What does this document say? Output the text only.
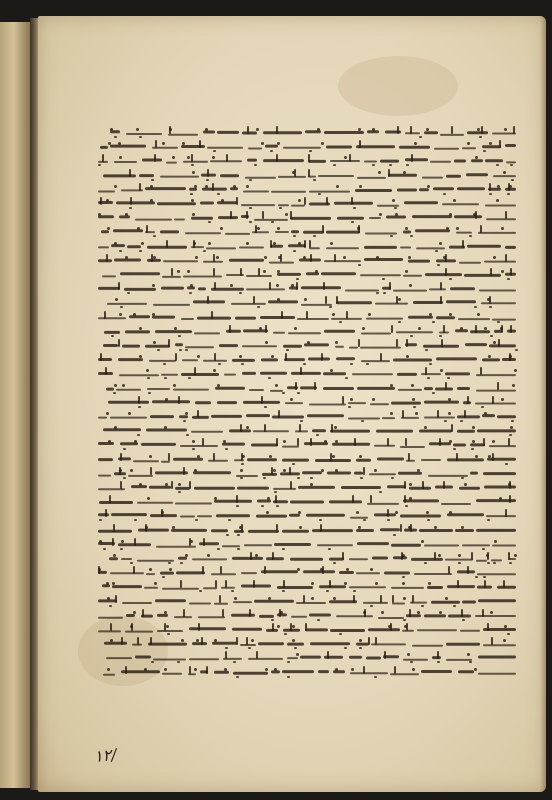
١٢/
